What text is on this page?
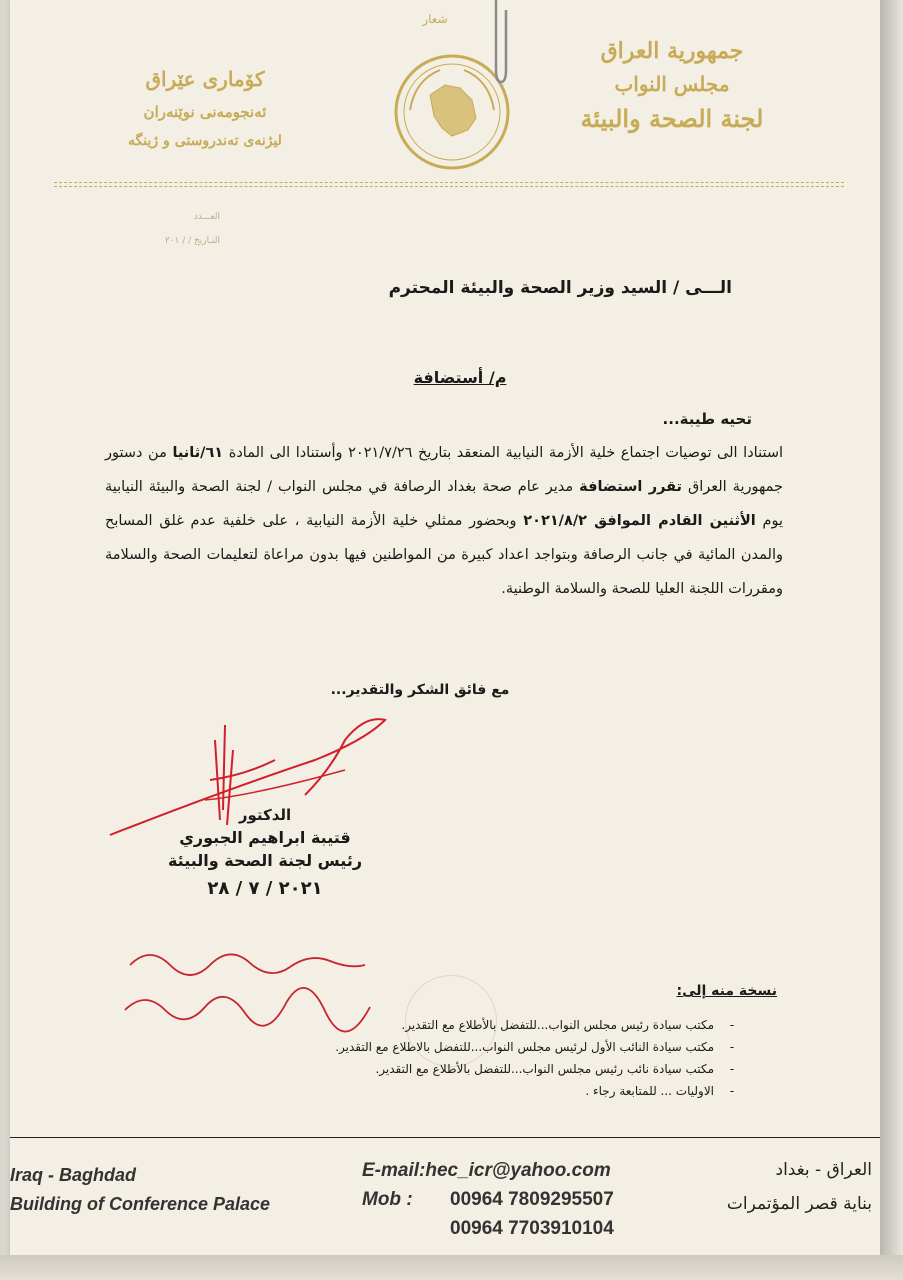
جمهورية العراق
مجلس النواب
لجنة الصحة والبيئة
كۆماری عێراق
ئەنجومەنی نوێنەران
لیژنەی تەندروستی و ژینگە
شعار
العـــدد
التـاريخ / / ٢٠١
الـــى / السيد وزير الصحة والبيئة المحترم
م/ أستضافة
تحيه طيبة...
استنادا الى توصيات اجتماع خلية الأزمة النيابية المنعقد بتاريخ ٢٠٢١/٧/٢٦ وأستنادا الى المادة ٦١/ثانيا من دستور جمهورية العراق تقرر استضافة مدير عام صحة بغداد الرصافة في مجلس النواب / لجنة الصحة والبيئة النيابية يوم الأثنين القادم الموافق ٢٠٢١/٨/٢ وبحضور ممثلي خلية الأزمة النيابية ، على خلفية عدم غلق المسابح والمدن المائية في جانب الرصافة وبتواجد اعداد كبيرة من المواطنين فيها بدون مراعاة لتعليمات الصحة والسلامة ومقررات اللجنة العليا للصحة والسلامة الوطنية.
مع فائق الشكر والتقدير...
الدكتور
قتيبة ابراهيم الجبوري
رئيس لجنة الصحة والبيئة
٢٠٢١ / ٧ / ٢٨
نسخة منه إلى:
- مكتب سيادة رئيس مجلس النواب...للتفضل بالأطلاع مع التقدير.
- مكتب سيادة النائب الأول لرئيس مجلس النواب...للتفضل بالاطلاع مع التقدير.
- مكتب سيادة نائب رئيس مجلس النواب...للتفضل بالأطلاع مع التقدير.
- الاوليات ... للمتابعة رجاء .
Iraq - Baghdad
Building of Conference Palace
E-mail:hec_icr@yahoo.com
Mob : 00964 7809295507
00964 7703910104
العراق - بغداد
بناية قصر المؤتمرات
